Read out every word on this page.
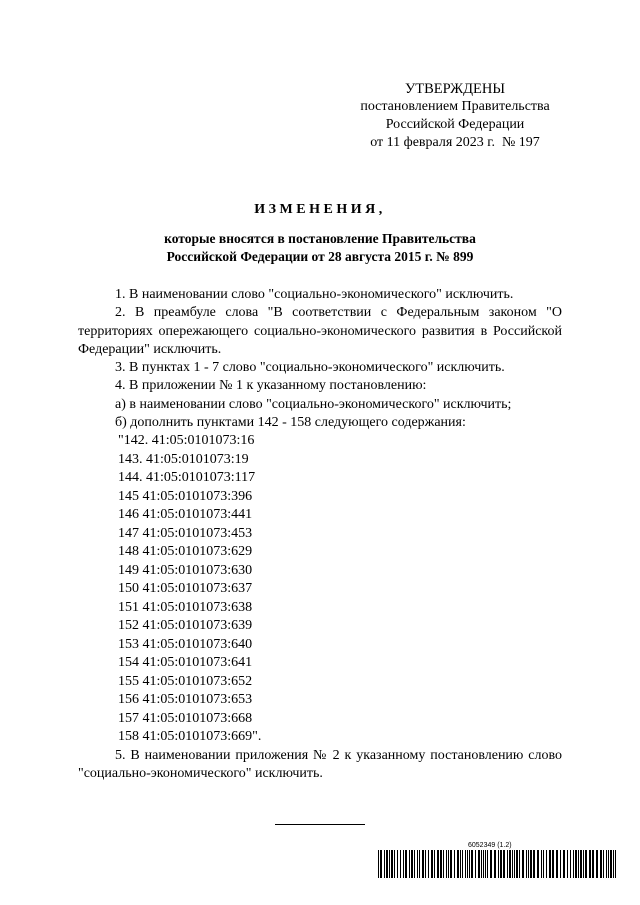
УТВЕРЖДЕНЫ
постановлением Правительства
Российской Федерации
от 11 февраля 2023 г.  № 197
ИЗМЕНЕНИЯ,
которые вносятся в постановление Правительства
Российской Федерации от 28 августа 2015 г. № 899

1. В наименовании слово "социально-экономического" исключить.

2. В преамбуле слова "В соответствии с Федеральным законом "О территориях опережающего социально-экономического развития в Российской Федерации" исключить.

3. В пунктах 1 - 7 слово "социально-экономического" исключить.

4. В приложении № 1 к указанному постановлению:

а) в наименовании слово "социально-экономического" исключить;

б) дополнить пунктами 142 - 158 следующего содержания:

"142. 41:05:0101073:16
143. 41:05:0101073:19
144. 41:05:0101073:117
145 41:05:0101073:396
146 41:05:0101073:441
147 41:05:0101073:453
148 41:05:0101073:629
149 41:05:0101073:630
150 41:05:0101073:637
151 41:05:0101073:638
152 41:05:0101073:639
153 41:05:0101073:640
154 41:05:0101073:641
155 41:05:0101073:652
156 41:05:0101073:653
157 41:05:0101073:668
158 41:05:0101073:669".

5. В наименовании приложения № 2 к указанному постановлению слово "социально-экономического" исключить.

6052349 (1.2)
